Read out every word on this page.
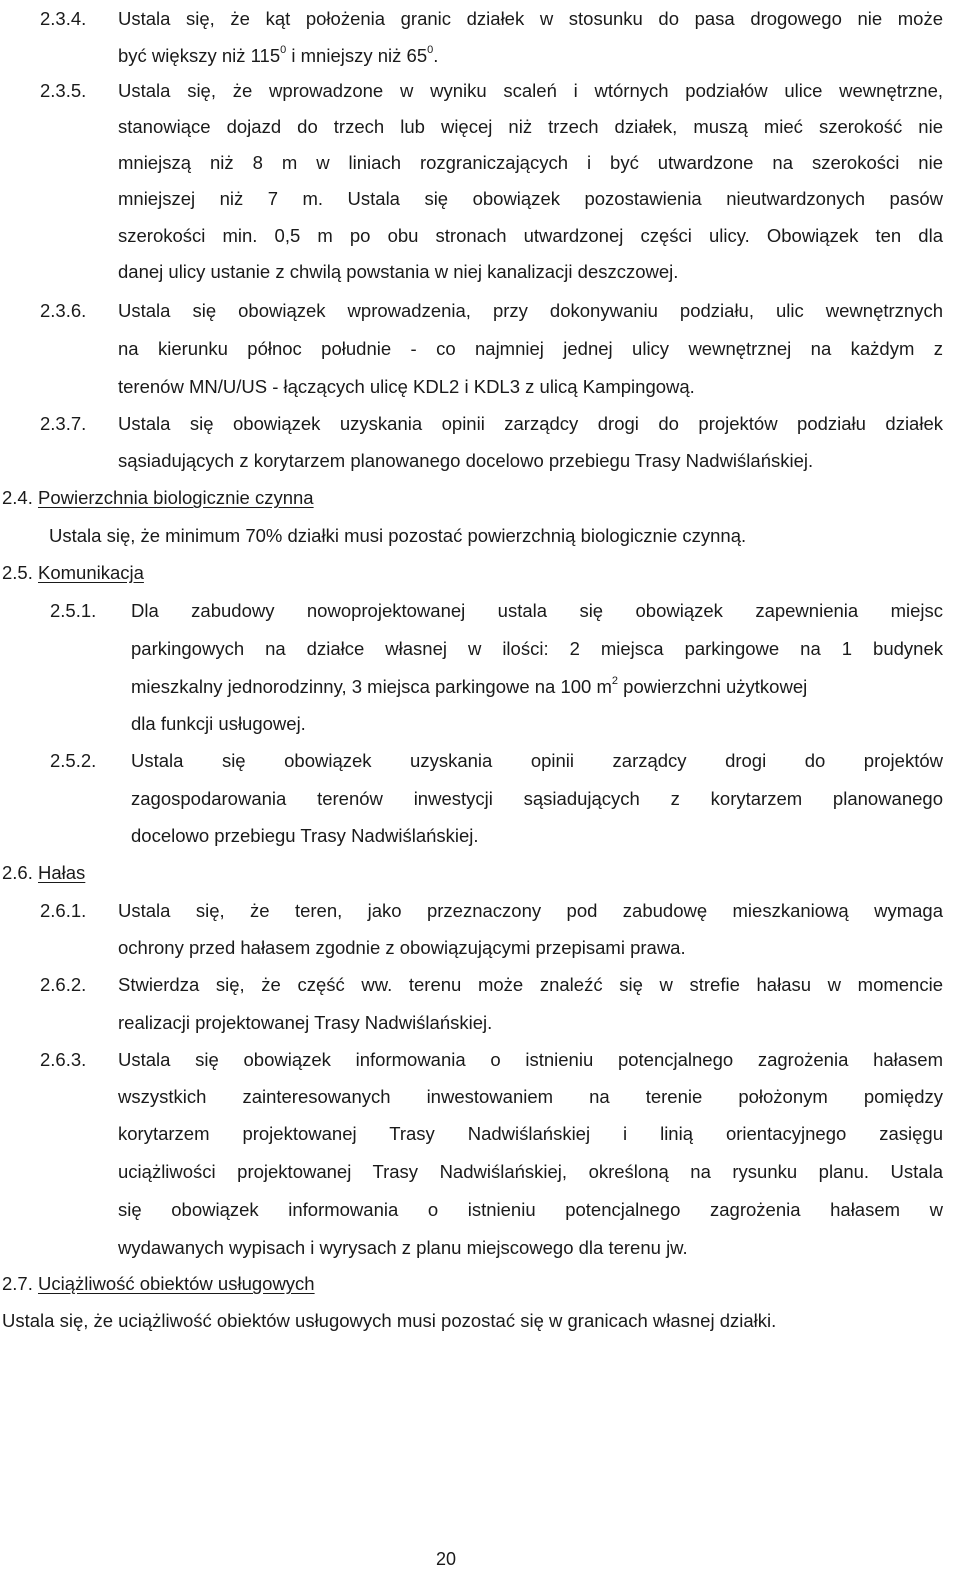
2.3.4. Ustala się, że kąt położenia granic działek w stosunku do pasa drogowego nie może
być większy niż $115^0$ i mniejszy niż $65^0$.
2.3.5. Ustala się, że wprowadzone w wyniku scaleń i wtórnych podziałów ulice wewnętrzne,
stanowiące dojazd do trzech lub więcej niż trzech działek, muszą mieć szerokość nie
mniejszą niż 8 m w liniach rozgraniczających i być utwardzone na szerokości nie
mniejszej niż 7 m. Ustala się obowiązek pozostawienia nieutwardzonych pasów
szerokości min. 0,5 m po obu stronach utwardzonej części ulicy. Obowiązek ten dla
danej ulicy ustanie z chwilą powstania w niej kanalizacji deszczowej.
2.3.6. Ustala się obowiązek wprowadzenia, przy dokonywaniu podziału, ulic wewnętrznych
na kierunku północ południe - co najmniej jednej ulicy wewnętrznej na każdym z
terenów MN/U/US - łączących ulicę KDL2 i KDL3 z ulicą Kampingową.
2.3.7. Ustala się obowiązek uzyskania opinii zarządcy drogi do projektów podziału działek
sąsiadujących z korytarzem planowanego docelowo przebiegu Trasy Nadwiślańskiej.
2.4. Powierzchnia biologicznie czynna
Ustala się, że minimum 70% działki musi pozostać powierzchnią biologicznie czynną.
2.5. Komunikacja
2.5.1. Dla zabudowy nowoprojektowanej ustala się obowiązek zapewnienia miejsc
parkingowych na działce własnej w ilości: 2 miejsca parkingowe na 1 budynek
mieszkalny jednorodzinny, 3 miejsca parkingowe na 100 $m^2$ powierzchni użytkowej
dla funkcji usługowej.
2.5.2. Ustala się obowiązek uzyskania opinii zarządcy drogi do projektów
zagospodarowania terenów inwestycji sąsiadujących z korytarzem planowanego
docelowo przebiegu Trasy Nadwiślańskiej.
2.6. Hałas
2.6.1. Ustala się, że teren, jako przeznaczony pod zabudowę mieszkaniową wymaga
ochrony przed hałasem zgodnie z obowiązującymi przepisami prawa.
2.6.2. Stwierdza się, że część ww. terenu może znaleźć się w strefie hałasu w momencie
realizacji projektowanej Trasy Nadwiślańskiej.
2.6.3. Ustala się obowiązek informowania o istnieniu potencjalnego zagrożenia hałasem
wszystkich zainteresowanych inwestowaniem na terenie położonym pomiędzy
korytarzem projektowanej Trasy Nadwiślańskiej i linią orientacyjnego zasięgu
uciążliwości projektowanej Trasy Nadwiślańskiej, określoną na rysunku planu. Ustala
się obowiązek informowania o istnieniu potencjalnego zagrożenia hałasem w
wydawanych wypisach i wyrysach z planu miejscowego dla terenu jw.
2.7. Uciążliwość obiektów usługowych
Ustala się, że uciążliwość obiektów usługowych musi pozostać się w granicach własnej działki.
20
